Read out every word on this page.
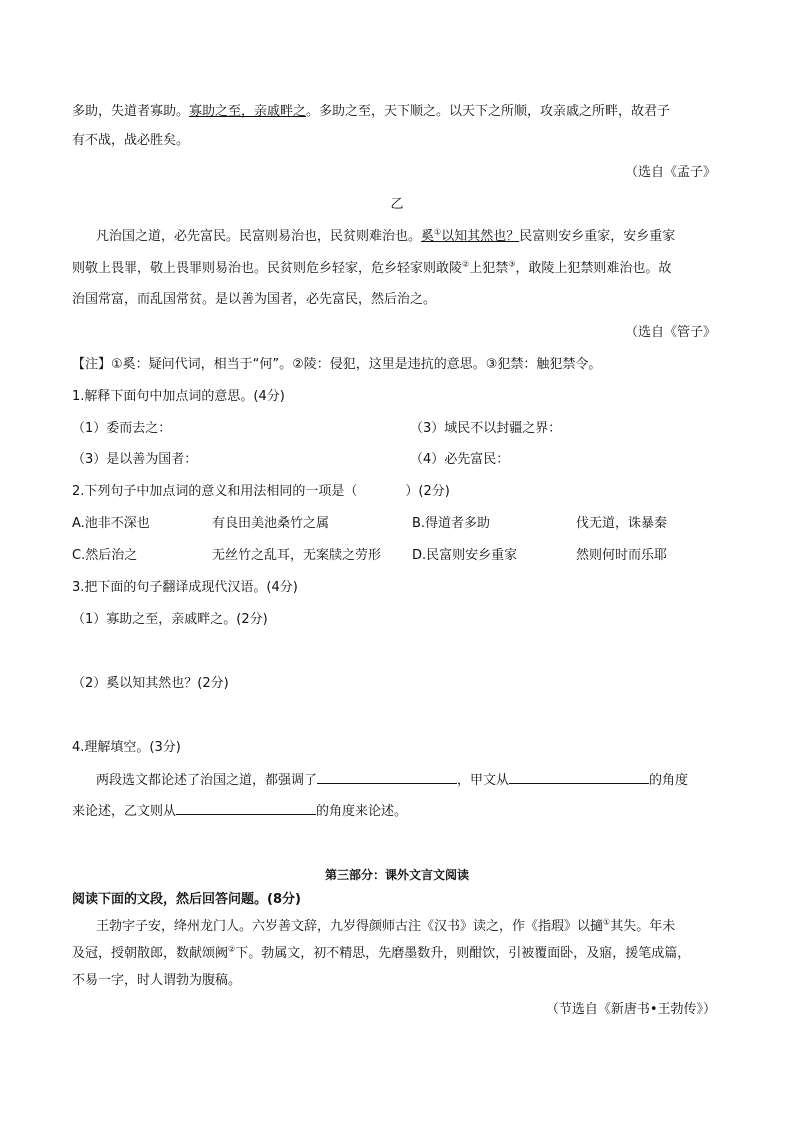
多助，失道者寡助。寡助之至，亲戚畔之。多助之至，天下顺之。以天下之所顺，攻亲戚之所畔，故君子
有不战，战必胜矣。
（选自《孟子》
乙
凡治国之道，必先富民。民富则易治也，民贫则难治也。奚①以知其然也？民富则安乡重家，安乡重家
则敬上畏罪，敬上畏罪则易治也。民贫则危乡轻家，危乡轻家则敢陵②上犯禁③，敢陵上犯禁则难治也。故
治国常富，而乱国常贫。是以善为国者，必先富民，然后治之。
（选自《管子》
【注】①奚：疑问代词，相当于“何”。②陵：侵犯，这里是违抗的意思。③犯禁：触犯禁令。
1.解释下面句中加点词的意思。(4分)
（1）委而去之：	（3）域民不以封疆之界：
（3）是以善为国者：	（4）必先富民：
2.下列句子中加点词的意义和用法相同的一项是（	）(2分)
A.池非不深也	有良田美池桑竹之属	B.得道者多助	伐无道，诛暴秦
C.然后治之	无丝竹之乱耳，无案牍之劳形 D.民富则安乡重家	然则何时而乐耶
3.把下面的句子翻译成现代汉语。(4分)
（1）寡助之至，亲戚畔之。(2分)
（2）奚以知其然也？(2分)
4.理解填空。(3分)
两段选文都论述了治国之道，都强调了	，甲文从	的角度
来论述，乙文则从	的角度来论述。
第三部分：课外文言文阅读
阅读下面的文段，然后回答问题。(8分)
王勃字子安，绛州龙门人。六岁善文辞，九岁得颜师古注《汉书》读之，作《指瑕》以擿①其失。年未
及冠，授朝散郎，数献颂阙②下。勃属文，初不精思，先磨墨数升，则酣饮，引被覆面卧，及寤，援笔成篇，
不易一字，时人谓勃为腹稿。
（节选自《新唐书•王勃传》）
